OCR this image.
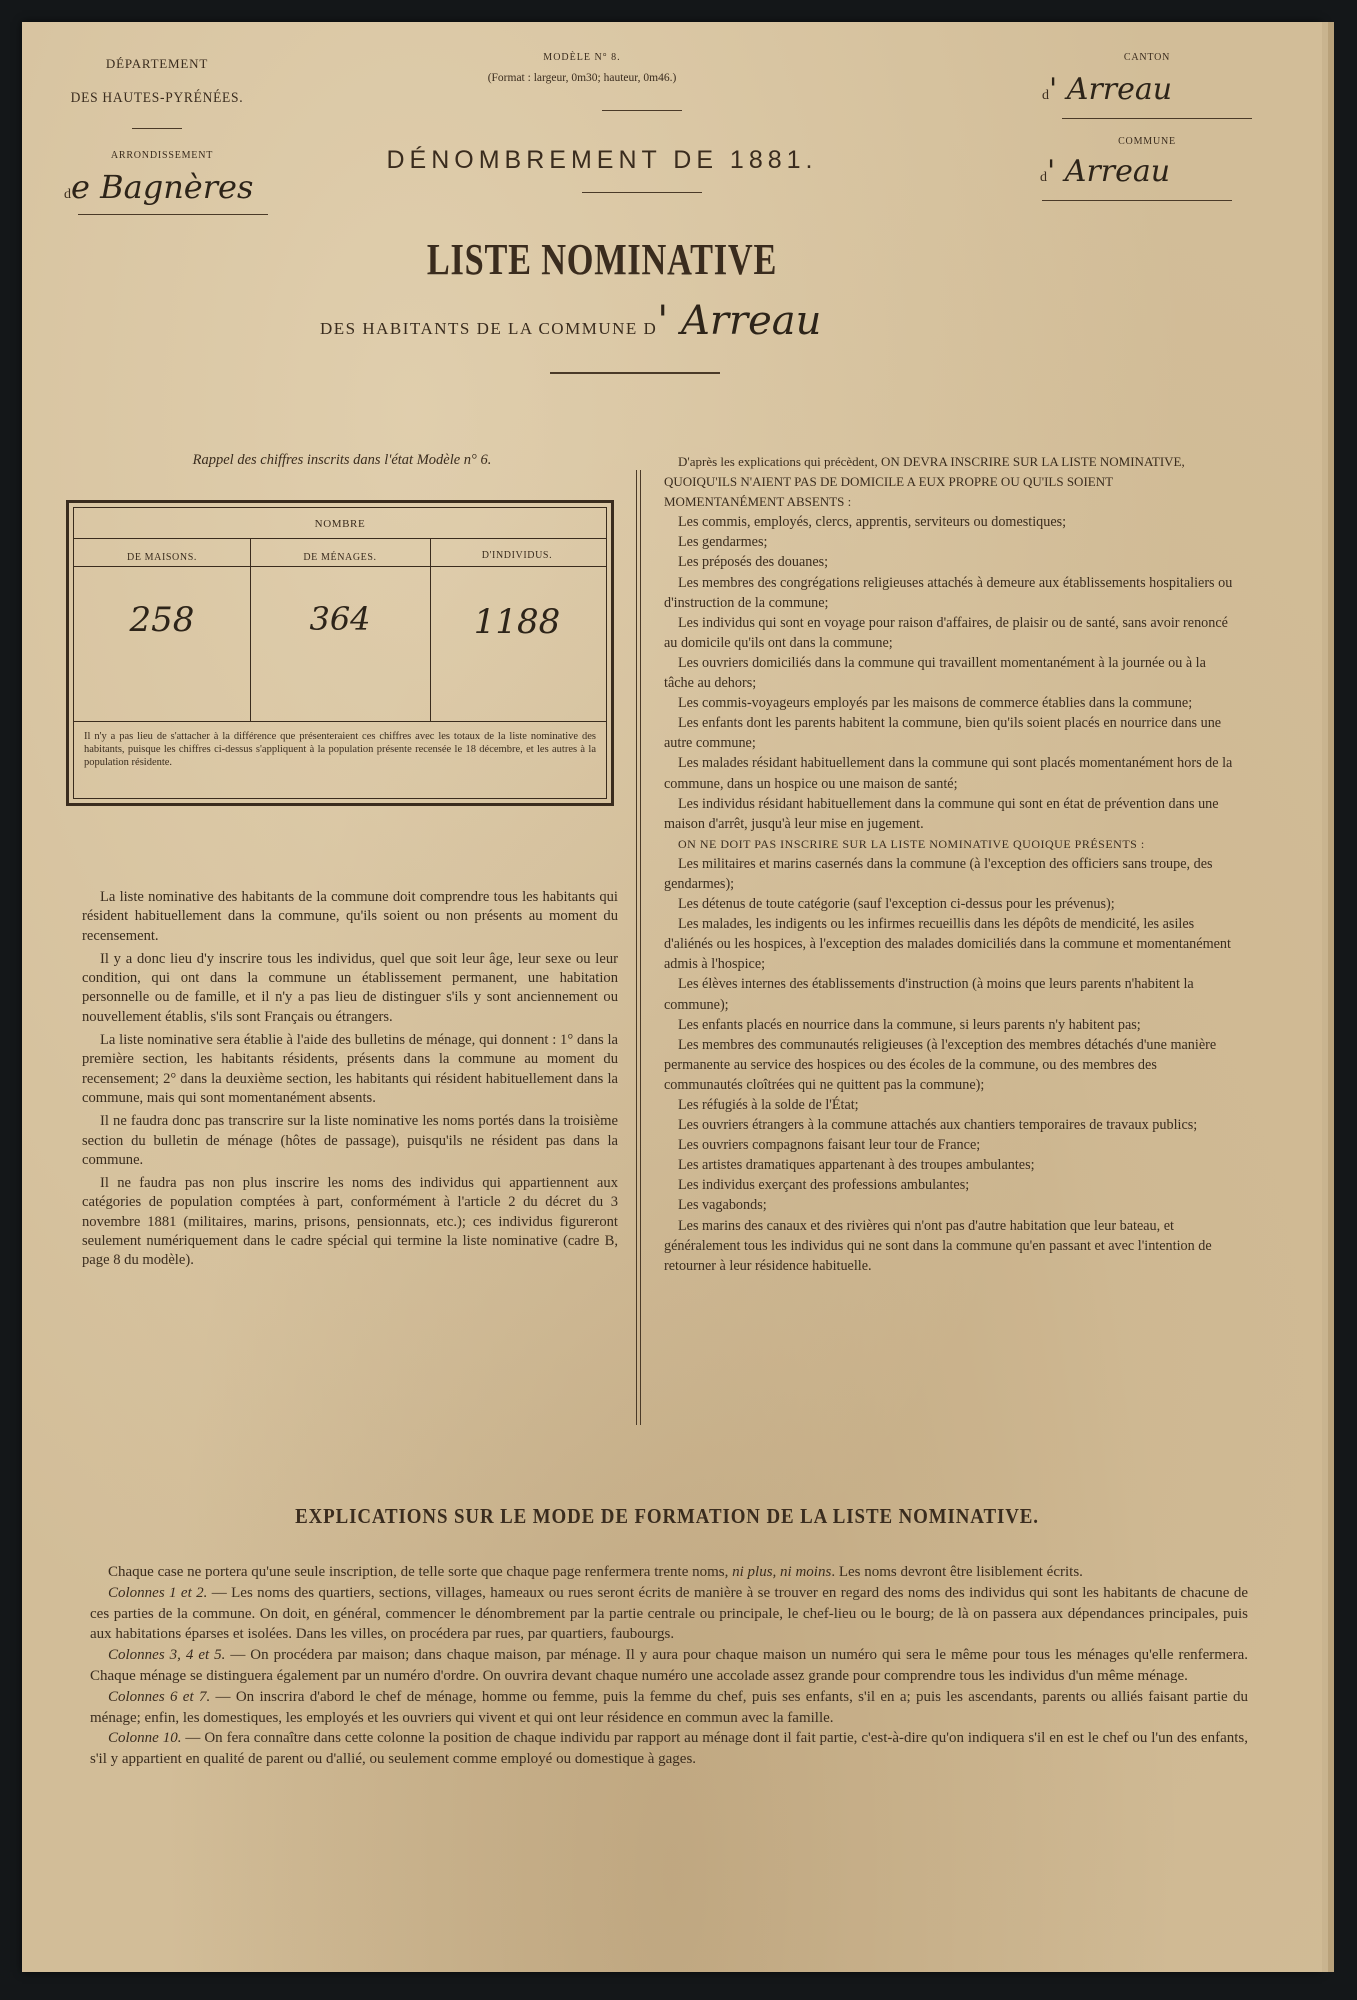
DÉPARTEMENT
DES HAUTES-PYRÉNÉES.
ARRONDISSEMENT
de Bagnères
MODÈLE N° 8.
(Format : largeur, 0m30; hauteur, 0m46.)
DÉNOMBREMENT DE 1881.
LISTE NOMINATIVE
DES HABITANTS DE LA COMMUNE D' Arreau
CANTON
d' Arreau
COMMUNE
d' Arreau
Rappel des chiffres inscrits dans l'état Modèle n° 6.
NOMBRE
DE MAISONS.	DE MÉNAGES.	D'INDIVIDUS.
258	364	1188
Il n'y a pas lieu de s'attacher à la différence que présenteraient ces chiffres avec les totaux de la liste nominative des habitants, puisque les chiffres ci-dessus s'appliquent à la population présente recensée le 18 décembre, et les autres à la population résidente.

La liste nominative des habitants de la commune doit comprendre tous les habitants qui résident habituellement dans la commune, qu'ils soient ou non présents au moment du recensement.

Il y a donc lieu d'y inscrire tous les individus, quel que soit leur âge, leur sexe ou leur condition, qui ont dans la commune un établissement permanent, une habitation personnelle ou de famille, et il n'y a pas lieu de distinguer s'ils y sont anciennement ou nouvellement établis, s'ils sont Français ou étrangers.

La liste nominative sera établie à l'aide des bulletins de ménage, qui donnent : 1° dans la première section, les habitants résidents, présents dans la commune au moment du recensement; 2° dans la deuxième section, les habitants qui résident habituellement dans la commune, mais qui sont momentanément absents.

Il ne faudra donc pas transcrire sur la liste nominative les noms portés dans la troisième section du bulletin de ménage (hôtes de passage), puisqu'ils ne résident pas dans la commune.

Il ne faudra pas non plus inscrire les noms des individus qui appartiennent aux catégories de population comptées à part, conformément à l'article 2 du décret du 3 novembre 1881 (militaires, marins, prisons, pensionnats, etc.); ces individus figureront seulement numériquement dans le cadre spécial qui termine la liste nominative (cadre B, page 8 du modèle).

D'après les explications qui précèdent, ON DEVRA INSCRIRE SUR LA LISTE NOMINATIVE, QUOIQU'ILS N'AIENT PAS DE DOMICILE A EUX PROPRE OU QU'ILS SOIENT MOMENTANÉMENT ABSENTS :
Les commis, employés, clercs, apprentis, serviteurs ou domestiques;
Les gendarmes;
Les préposés des douanes;
Les membres des congrégations religieuses attachés à demeure aux établissements hospitaliers ou d'instruction de la commune;
Les individus qui sont en voyage pour raison d'affaires, de plaisir ou de santé, sans avoir renoncé au domicile qu'ils ont dans la commune;
Les ouvriers domiciliés dans la commune qui travaillent momentanément à la journée ou à la tâche au dehors;
Les commis-voyageurs employés par les maisons de commerce établies dans la commune;
Les enfants dont les parents habitent la commune, bien qu'ils soient placés en nourrice dans une autre commune;
Les malades résidant habituellement dans la commune qui sont placés momentanément hors de la commune, dans un hospice ou une maison de santé;
Les individus résidant habituellement dans la commune qui sont en état de prévention dans une maison d'arrêt, jusqu'à leur mise en jugement.
ON NE DOIT PAS INSCRIRE SUR LA LISTE NOMINATIVE QUOIQUE PRÉSENTS :
Les militaires et marins casernés dans la commune (à l'exception des officiers sans troupe, des gendarmes);
Les détenus de toute catégorie (sauf l'exception ci-dessus pour les prévenus);
Les malades, les indigents ou les infirmes recueillis dans les dépôts de mendicité, les asiles d'aliénés ou les hospices, à l'exception des malades domiciliés dans la commune et momentanément admis à l'hospice;
Les élèves internes des établissements d'instruction (à moins que leurs parents n'habitent la commune);
Les enfants placés en nourrice dans la commune, si leurs parents n'y habitent pas;
Les membres des communautés religieuses (à l'exception des membres détachés d'une manière permanente au service des hospices ou des écoles de la commune, ou des membres des communautés cloîtrées qui ne quittent pas la commune);
Les réfugiés à la solde de l'État;
Les ouvriers étrangers à la commune attachés aux chantiers temporaires de travaux publics;
Les ouvriers compagnons faisant leur tour de France;
Les artistes dramatiques appartenant à des troupes ambulantes;
Les individus exerçant des professions ambulantes;
Les vagabonds;
Les marins des canaux et des rivières qui n'ont pas d'autre habitation que leur bateau, et généralement tous les individus qui ne sont dans la commune qu'en passant et avec l'intention de retourner à leur résidence habituelle.
EXPLICATIONS SUR LE MODE DE FORMATION DE LA LISTE NOMINATIVE.

Chaque case ne portera qu'une seule inscription, de telle sorte que chaque page renfermera trente noms, ni plus, ni moins. Les noms devront être lisiblement écrits.

Colonnes 1 et 2. — Les noms des quartiers, sections, villages, hameaux ou rues seront écrits de manière à se trouver en regard des noms des individus qui sont les habitants de chacune de ces parties de la commune. On doit, en général, commencer le dénombrement par la partie centrale ou principale, le chef-lieu ou le bourg; de là on passera aux dépendances principales, puis aux habitations éparses et isolées. Dans les villes, on procédera par rues, par quartiers, faubourgs.

Colonnes 3, 4 et 5. — On procédera par maison; dans chaque maison, par ménage. Il y aura pour chaque maison un numéro qui sera le même pour tous les ménages qu'elle renfermera. Chaque ménage se distinguera également par un numéro d'ordre. On ouvrira devant chaque numéro une accolade assez grande pour comprendre tous les individus d'un même ménage.

Colonnes 6 et 7. — On inscrira d'abord le chef de ménage, homme ou femme, puis la femme du chef, puis ses enfants, s'il en a; puis les ascendants, parents ou alliés faisant partie du ménage; enfin, les domestiques, les employés et les ouvriers qui vivent et qui ont leur résidence en commun avec la famille.

Colonne 10. — On fera connaître dans cette colonne la position de chaque individu par rapport au ménage dont il fait partie, c'est-à-dire qu'on indiquera s'il en est le chef ou l'un des enfants, s'il y appartient en qualité de parent ou d'allié, ou seulement comme employé ou domestique à gages.
